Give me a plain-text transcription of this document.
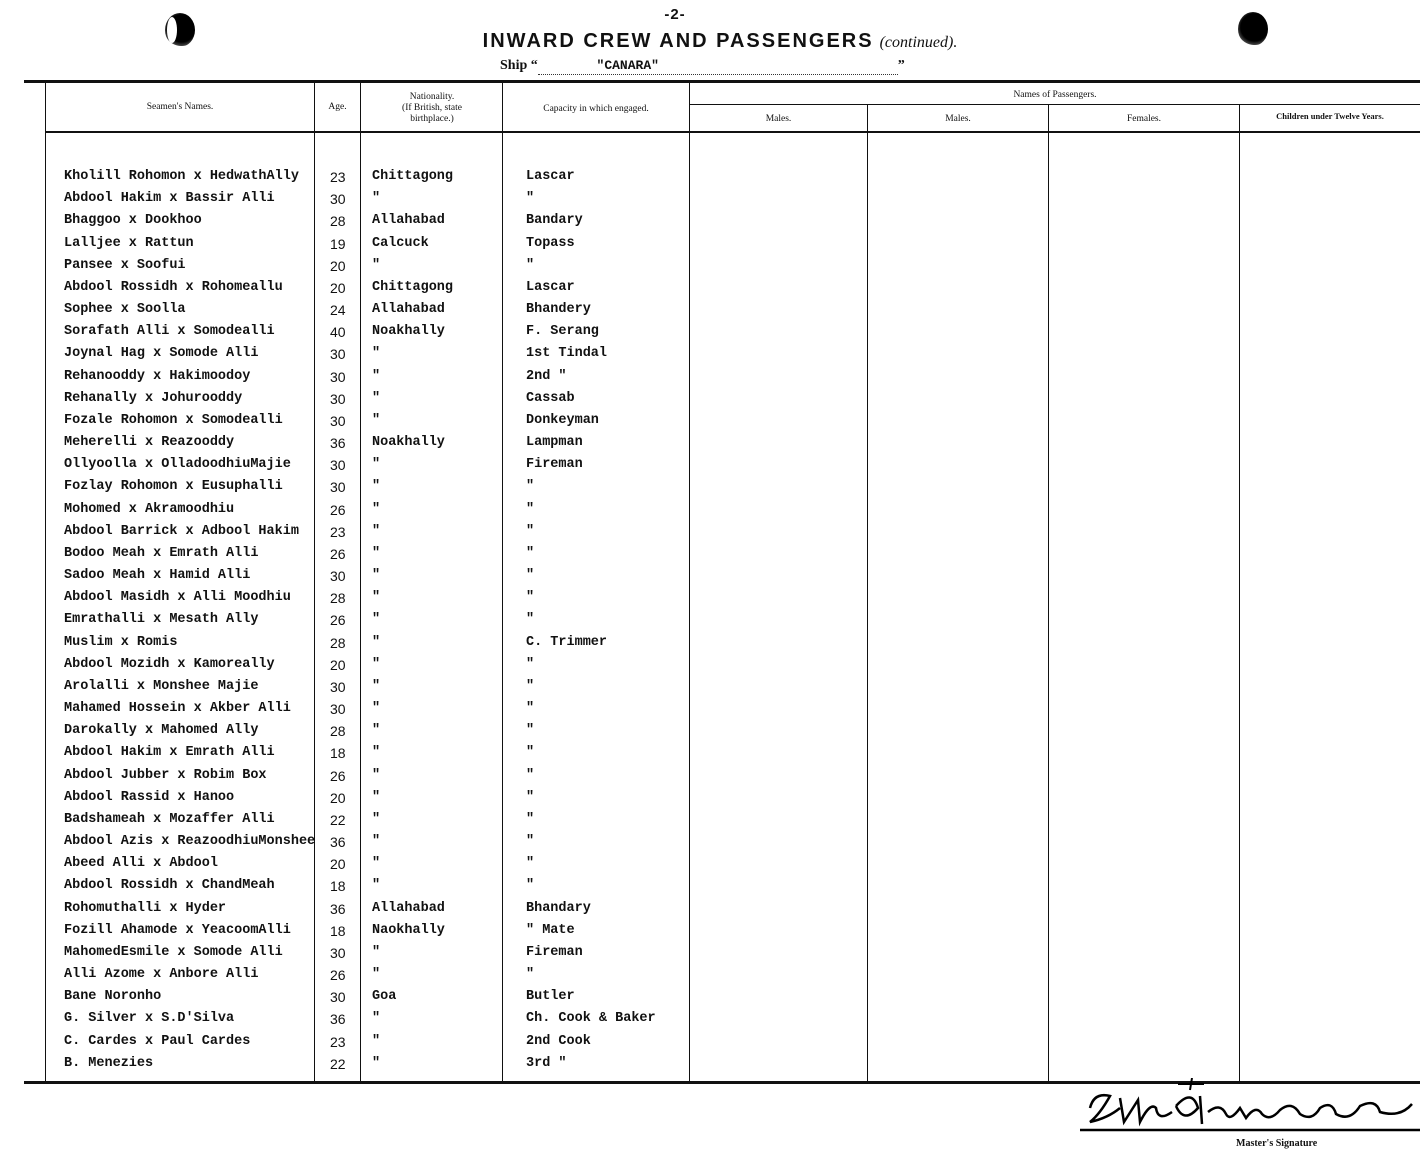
-2-
INWARD CREW AND PASSENGERS (continued).
Ship “	"CANARA"	”
Seamen's Names.	Age.
Nationality.
(If British, state birthplace.)
Capacity in which engaged.
Names of Passengers.
Males.	Males.	Females.	Children under Twelve Years.
Kholill Rohomon x HedwathAlly	23	Chittagong	Lascar
Abdool Hakim x Bassir Alli	30	"	"
Bhaggoo x Dookhoo	28	Allahabad	Bandary
Lalljee x Rattun	19	Calcuck	Topass
Pansee x Soofui	20	"	"
Abdool Rossidh x Rohomeallu	20	Chittagong	Lascar
Sophee x Soolla	24	Allahabad	Bhandery
Sorafath Alli x Somodealli	40	Noakhally	F. Serang
Joynal Hag x Somode Alli	30	"	1st Tindal
Rehanooddy x Hakimoodoy	30	"	2nd "
Rehanally x Johurooddy	30	"	Cassab
Fozale Rohomon x Somodealli	30	"	Donkeyman
Meherelli x Reazooddy	36	Noakhally	Lampman
Ollyoolla x OlladoodhiuMajie	30	"	Fireman
Fozlay Rohomon x Eusuphalli	30	"	"
Mohomed x Akramoodhiu	26	"	"
Abdool Barrick x Adbool Hakim	23	"	"
Bodoo Meah x Emrath Alli	26	"	"
Sadoo Meah x Hamid Alli	30	"	"
Abdool Masidh x Alli Moodhiu	28	"	"
Emrathalli x Mesath Ally	26	"	"
Muslim x Romis	28	"	C. Trimmer
Abdool Mozidh x Kamoreally	20	"	"
Arolalli x Monshee Majie	30	"	"
Mahamed Hossein x Akber Alli	30	"	"
Darokally x Mahomed Ally	28	"	"
Abdool Hakim x Emrath Alli	18	"	"
Abdool Jubber x Robim Box	26	"	"
Abdool Rassid x Hanoo	20	"	"
Badshameah x Mozaffer Alli	22	"	"
Abdool Azis x ReazoodhiuMonshee	36	"	"
Abeed Alli x Abdool	20	"	"
Abdool Rossidh x ChandMeah	18	"	"
Rohomuthalli x Hyder	36	Allahabad	Bhandary
Fozill Ahamode x YeacoomAlli	18	Naokhally	" Mate
MahomedEsmile x Somode Alli	30	"	Fireman
Alli Azome x Anbore Alli	26	"	"
Bane Noronho	30	Goa	Butler
G. Silver x S.D'Silva	36	"	Ch. Cook & Baker
C. Cardes x Paul Cardes	23	"	2nd Cook
B. Menezies	22	"	3rd "
Master's Signature
